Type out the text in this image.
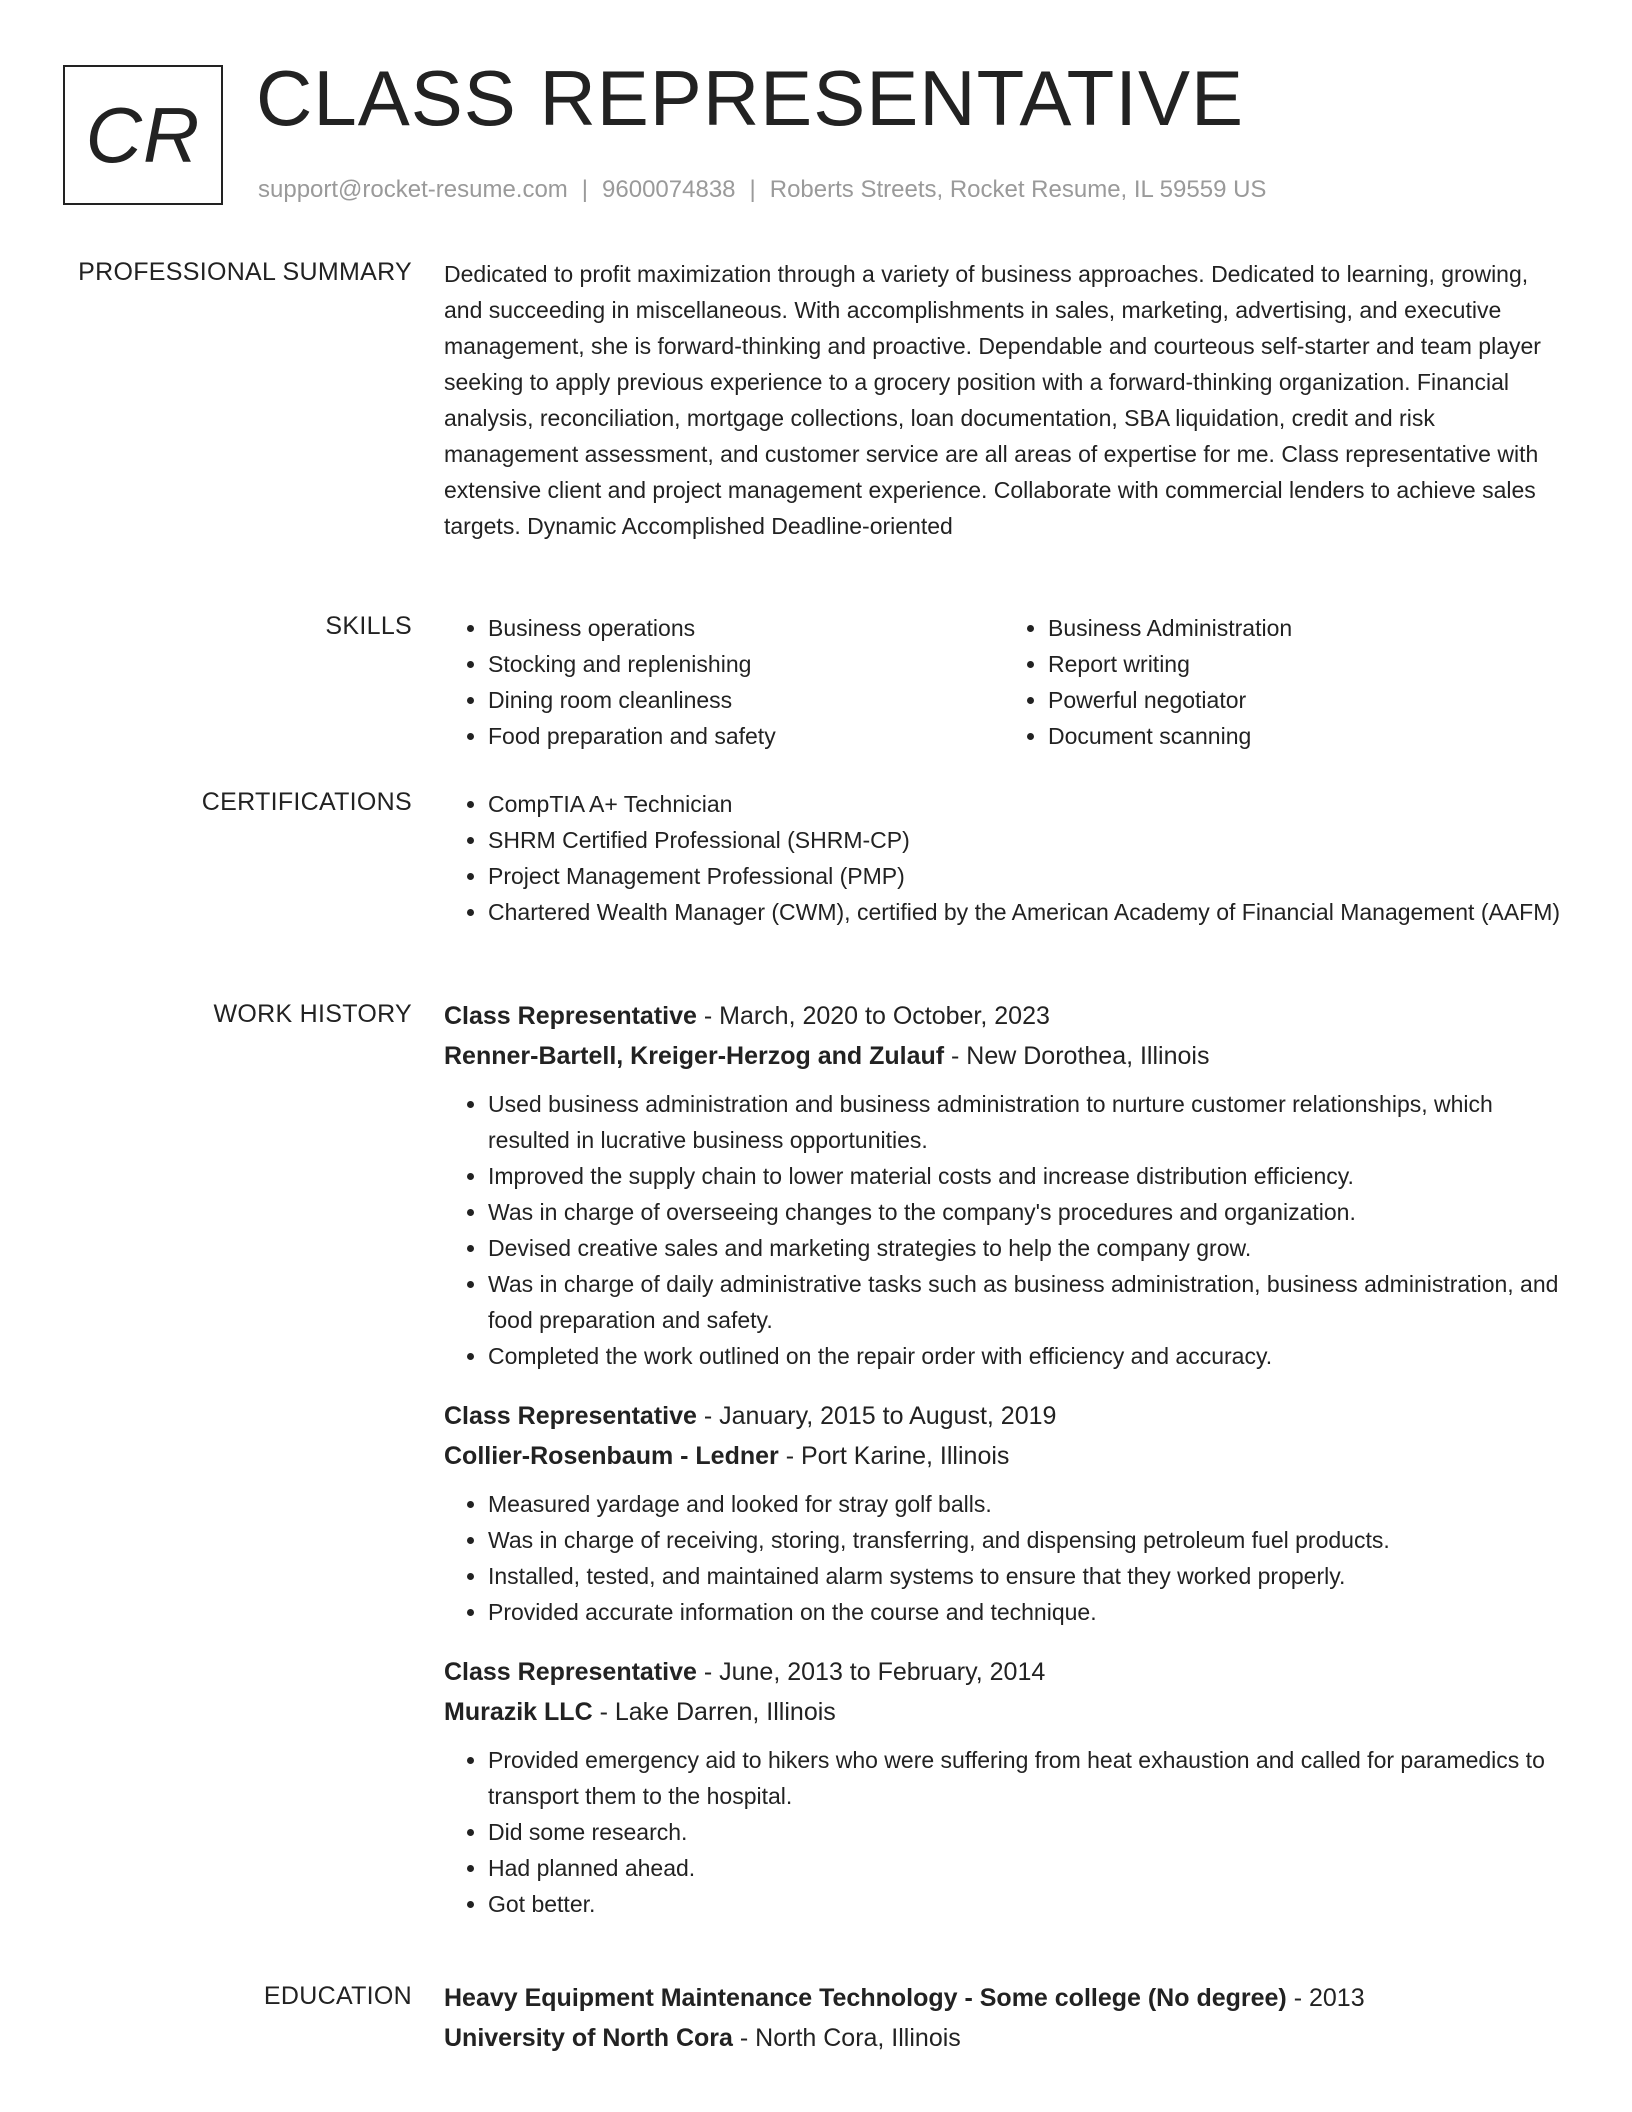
CR CLASS REPRESENTATIVE
support@rocket-resume.com | 9600074838 | Roberts Streets, Rocket Resume, IL 59559 US
PROFESSIONAL SUMMARY Dedicated to profit maximization through a variety of business approaches. Dedicated to learning, growing, and succeeding in miscellaneous. With accomplishments in sales, marketing, advertising, and executive management, she is forward-thinking and proactive. Dependable and courteous self-starter and team player seeking to apply previous experience to a grocery position with a forward-thinking organization. Financial analysis, reconciliation, mortgage collections, loan documentation, SBA liquidation, credit and risk management assessment, and customer service are all areas of expertise for me. Class representative with extensive client and project management experience. Collaborate with commercial lenders to achieve sales targets. Dynamic Accomplished Deadline-oriented
SKILLS	• Business operations
• Stocking and replenishing
• Dining room cleanliness
• Food preparation and safety
• Business Administration
• Report writing
• Powerful negotiator
• Document scanning
CERTIFICATIONS	• CompTIA A+ Technician
• SHRM Certified Professional (SHRM-CP)
• Project Management Professional (PMP)
• Chartered Wealth Manager (CWM), certified by the American Academy of Financial Management (AAFM)
WORK HISTORY Class Representative - March, 2020 to October, 2023
Renner-Bartell, Kreiger-Herzog and Zulauf - New Dorothea, Illinois
• Used business administration and business administration to nurture customer relationships, which resulted in lucrative business opportunities.
• Improved the supply chain to lower material costs and increase distribution efficiency.
• Was in charge of overseeing changes to the company's procedures and organization.
• Devised creative sales and marketing strategies to help the company grow.
• Was in charge of daily administrative tasks such as business administration, business administration, and food preparation and safety.
• Completed the work outlined on the repair order with efficiency and accuracy.
Class Representative - January, 2015 to August, 2019
Collier-Rosenbaum - Ledner - Port Karine, Illinois
• Measured yardage and looked for stray golf balls.
• Was in charge of receiving, storing, transferring, and dispensing petroleum fuel products.
• Installed, tested, and maintained alarm systems to ensure that they worked properly.
• Provided accurate information on the course and technique.
Class Representative - June, 2013 to February, 2014
Murazik LLC - Lake Darren, Illinois
• Provided emergency aid to hikers who were suffering from heat exhaustion and called for paramedics to transport them to the hospital.
• Did some research.
• Had planned ahead.
• Got better.
EDUCATION Heavy Equipment Maintenance Technology - Some college (No degree) - 2013
University of North Cora - North Cora, Illinois
